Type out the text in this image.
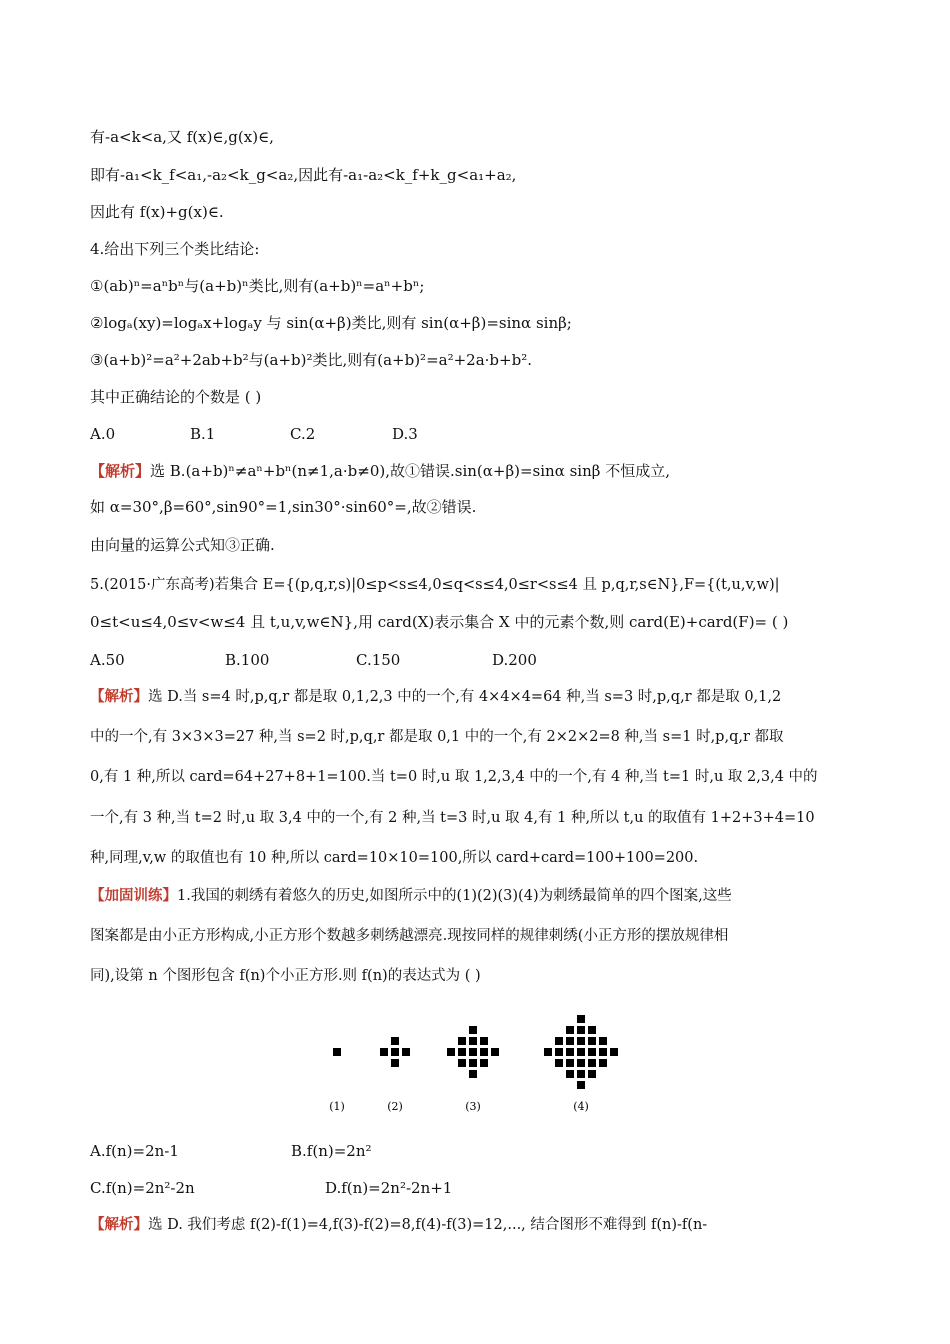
有-a<k<a,又 f(x)∈,g(x)∈,
即有-a₁<k_f<a₁,-a₂<k_g<a₂,因此有-a₁-a₂<k_f+k_g<a₁+a₂,
因此有 f(x)+g(x)∈.
4.给出下列三个类比结论:
①(ab)ⁿ=aⁿbⁿ与(a+b)ⁿ类比,则有(a+b)ⁿ=aⁿ+bⁿ;
②logₐ(xy)=logₐx+logₐy 与 sin(α+β)类比,则有 sin(α+β)=sinα sinβ;
③(a+b)²=a²+2ab+b²与(a+b)²类比,则有(a+b)²=a²+2a·b+b².
其中正确结论的个数是 ( )
A.0	B.1	C.2	D.3
【解析】选 B.(a+b)ⁿ≠aⁿ+bⁿ(n≠1,a·b≠0),故①错误.sin(α+β)=sinα sinβ 不恒成立,
如 α=30°,β=60°,sin90°=1,sin30°·sin60°=,故②错误.
由向量的运算公式知③正确.
5.(2015·广东高考)若集合 E={(p,q,r,s)|0≤p<s≤4,0≤q<s≤4,0≤r<s≤4 且 p,q,r,s∈N},F={(t,u,v,w)|
0≤t<u≤4,0≤v<w≤4 且 t,u,v,w∈N},用 card(X)表示集合 X 中的元素个数,则 card(E)+card(F)= ( )
A.50	B.100	C.150	D.200
【解析】选 D.当 s=4 时,p,q,r 都是取 0,1,2,3 中的一个,有 4×4×4=64 种,当 s=3 时,p,q,r 都是取 0,1,2
中的一个,有 3×3×3=27 种,当 s=2 时,p,q,r 都是取 0,1 中的一个,有 2×2×2=8 种,当 s=1 时,p,q,r 都取
0,有 1 种,所以 card=64+27+8+1=100.当 t=0 时,u 取 1,2,3,4 中的一个,有 4 种,当 t=1 时,u 取 2,3,4 中的
一个,有 3 种,当 t=2 时,u 取 3,4 中的一个,有 2 种,当 t=3 时,u 取 4,有 1 种,所以 t,u 的取值有 1+2+3+4=10
种,同理,v,w 的取值也有 10 种,所以 card=10×10=100,所以 card+card=100+100=200.
【加固训练】1.我国的刺绣有着悠久的历史,如图所示中的(1)(2)(3)(4)为刺绣最简单的四个图案,这些
图案都是由小正方形构成,小正方形个数越多刺绣越漂亮.现按同样的规律刺绣(小正方形的摆放规律相
同),设第 n 个图形包含 f(n)个小正方形.则 f(n)的表达式为 ( )
(1)	(2)	(3)	(4)
A.f(n)=2n-1	B.f(n)=2n²
C.f(n)=2n²-2n	D.f(n)=2n²-2n+1
【解析】选 D. 我们考虑 f(2)-f(1)=4,f(3)-f(2)=8,f(4)-f(3)=12,..., 结合图形不难得到 f(n)-f(n-
